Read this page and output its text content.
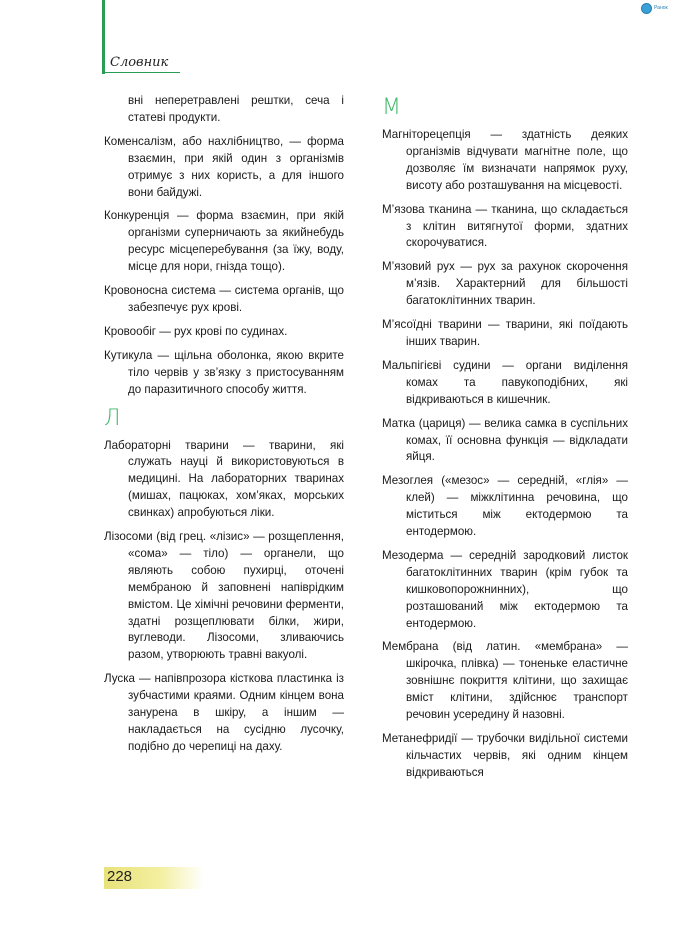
Словник
Ранок

вні неперетравлені рештки, сеча і статеві продукти.

Коменсалізм, або нахлібництво, — форма взаємин, при якій один з організмів отримує з них користь, а для іншого вони байдужі.

Конкуренція — форма взаємин, при якій організми суперничають за якийнебудь ресурс місцеперебування (за їжу, воду, місце для нори, гнізда тощо).

Кровоносна система — система органів, що забезпечує рух крові.

Кровообіг — рух крові по судинах.

Кутикула — щільна оболонка, якою вкрите тіло червів у зв’язку з пристосуванням до паразитичного способу життя.

Л

Лабораторні тварини — тварини, які служать науці й використовуються в медицині. На лабораторних тваринах (мишах, пацюках, хом’яках, морських свинках) апробуються ліки.

Лізосоми (від грец. «лізис» — розщеплення, «сома» — тіло) — органели, що являють собою пухирці, оточені мембраною й заповнені напіврідким вмістом. Це хімічні речовини ферменти, здатні розщеплювати білки, жири, вуглеводи. Лізосоми, зливаючись разом, утворюють травні вакуолі.

Луска — напівпрозора кісткова пластинка із зубчастими краями. Одним кінцем вона занурена в шкіру, а іншим — накладається на сусідню лусочку, подібно до черепиці на даху.

М

Магніторецепція — здатність деяких організмів відчувати магнітне поле, що дозволяє їм визначати напрямок руху, висоту або розташування на місцевості.

М’язова тканина — тканина, що складається з клітин витягнутої форми, здатних скорочуватися.

М’язовий рух — рух за рахунок скорочення м’язів. Характерний для більшості багатоклітинних тварин.

М’ясоїдні тварини — тварини, які поїдають інших тварин.

Мальпігієві судини — органи виділення комах та павукоподібних, які відкриваються в кишечник.

Матка (цариця) — велика самка в суспільних комах, її основна функція — відкладати яйця.

Мезоглея («мезос» — середній, «глія» — клей) — міжклітинна речовина, що міститься між ектодермою та ентодермою.

Мезодерма — середній зародковий листок багатоклітинних тварин (крім губок та кишковопорожнинних), що розташований між ектодермою та ентодермою.

Мембрана (від латин. «мембрана» — шкірочка, плівка) — тоненьке еластичне зовнішнє покриття клітини, що захищає вміст клітини, здійснює транспорт речовин усередину й назовні.

Метанефридії — трубочки видільної системи кільчастих червів, які одним кінцем відкриваються

228
